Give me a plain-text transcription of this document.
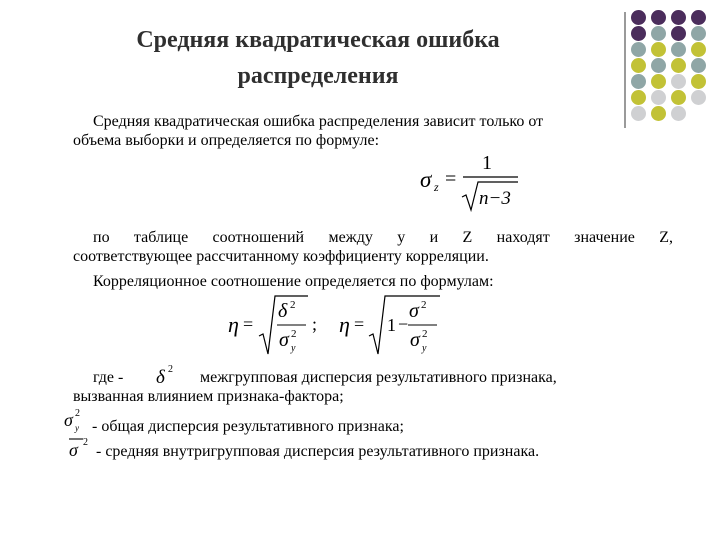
Средняя квадратическая ошибка
распределения
Средняя квадратическая ошибка распределения зависит только от
объема выборки и определяется по формуле:
σ z =
1
n−3
по таблице соотношений между y и Z находят значение Z,
соответствующее рассчитанному коэффициенту корреляции.
Корреляционное соотношение определяется по формулам:
η =
δ 2
σ 2
y
; η = 1 −
σ 2
σ 2
y
где - δ 2 межгрупповая дисперсия результативного признака,
вызванная влиянием признака-фактора;
σ 2
y - общая дисперсия результативного признака;
σ 2
- средняя внутригрупповая дисперсия результативного признака.
